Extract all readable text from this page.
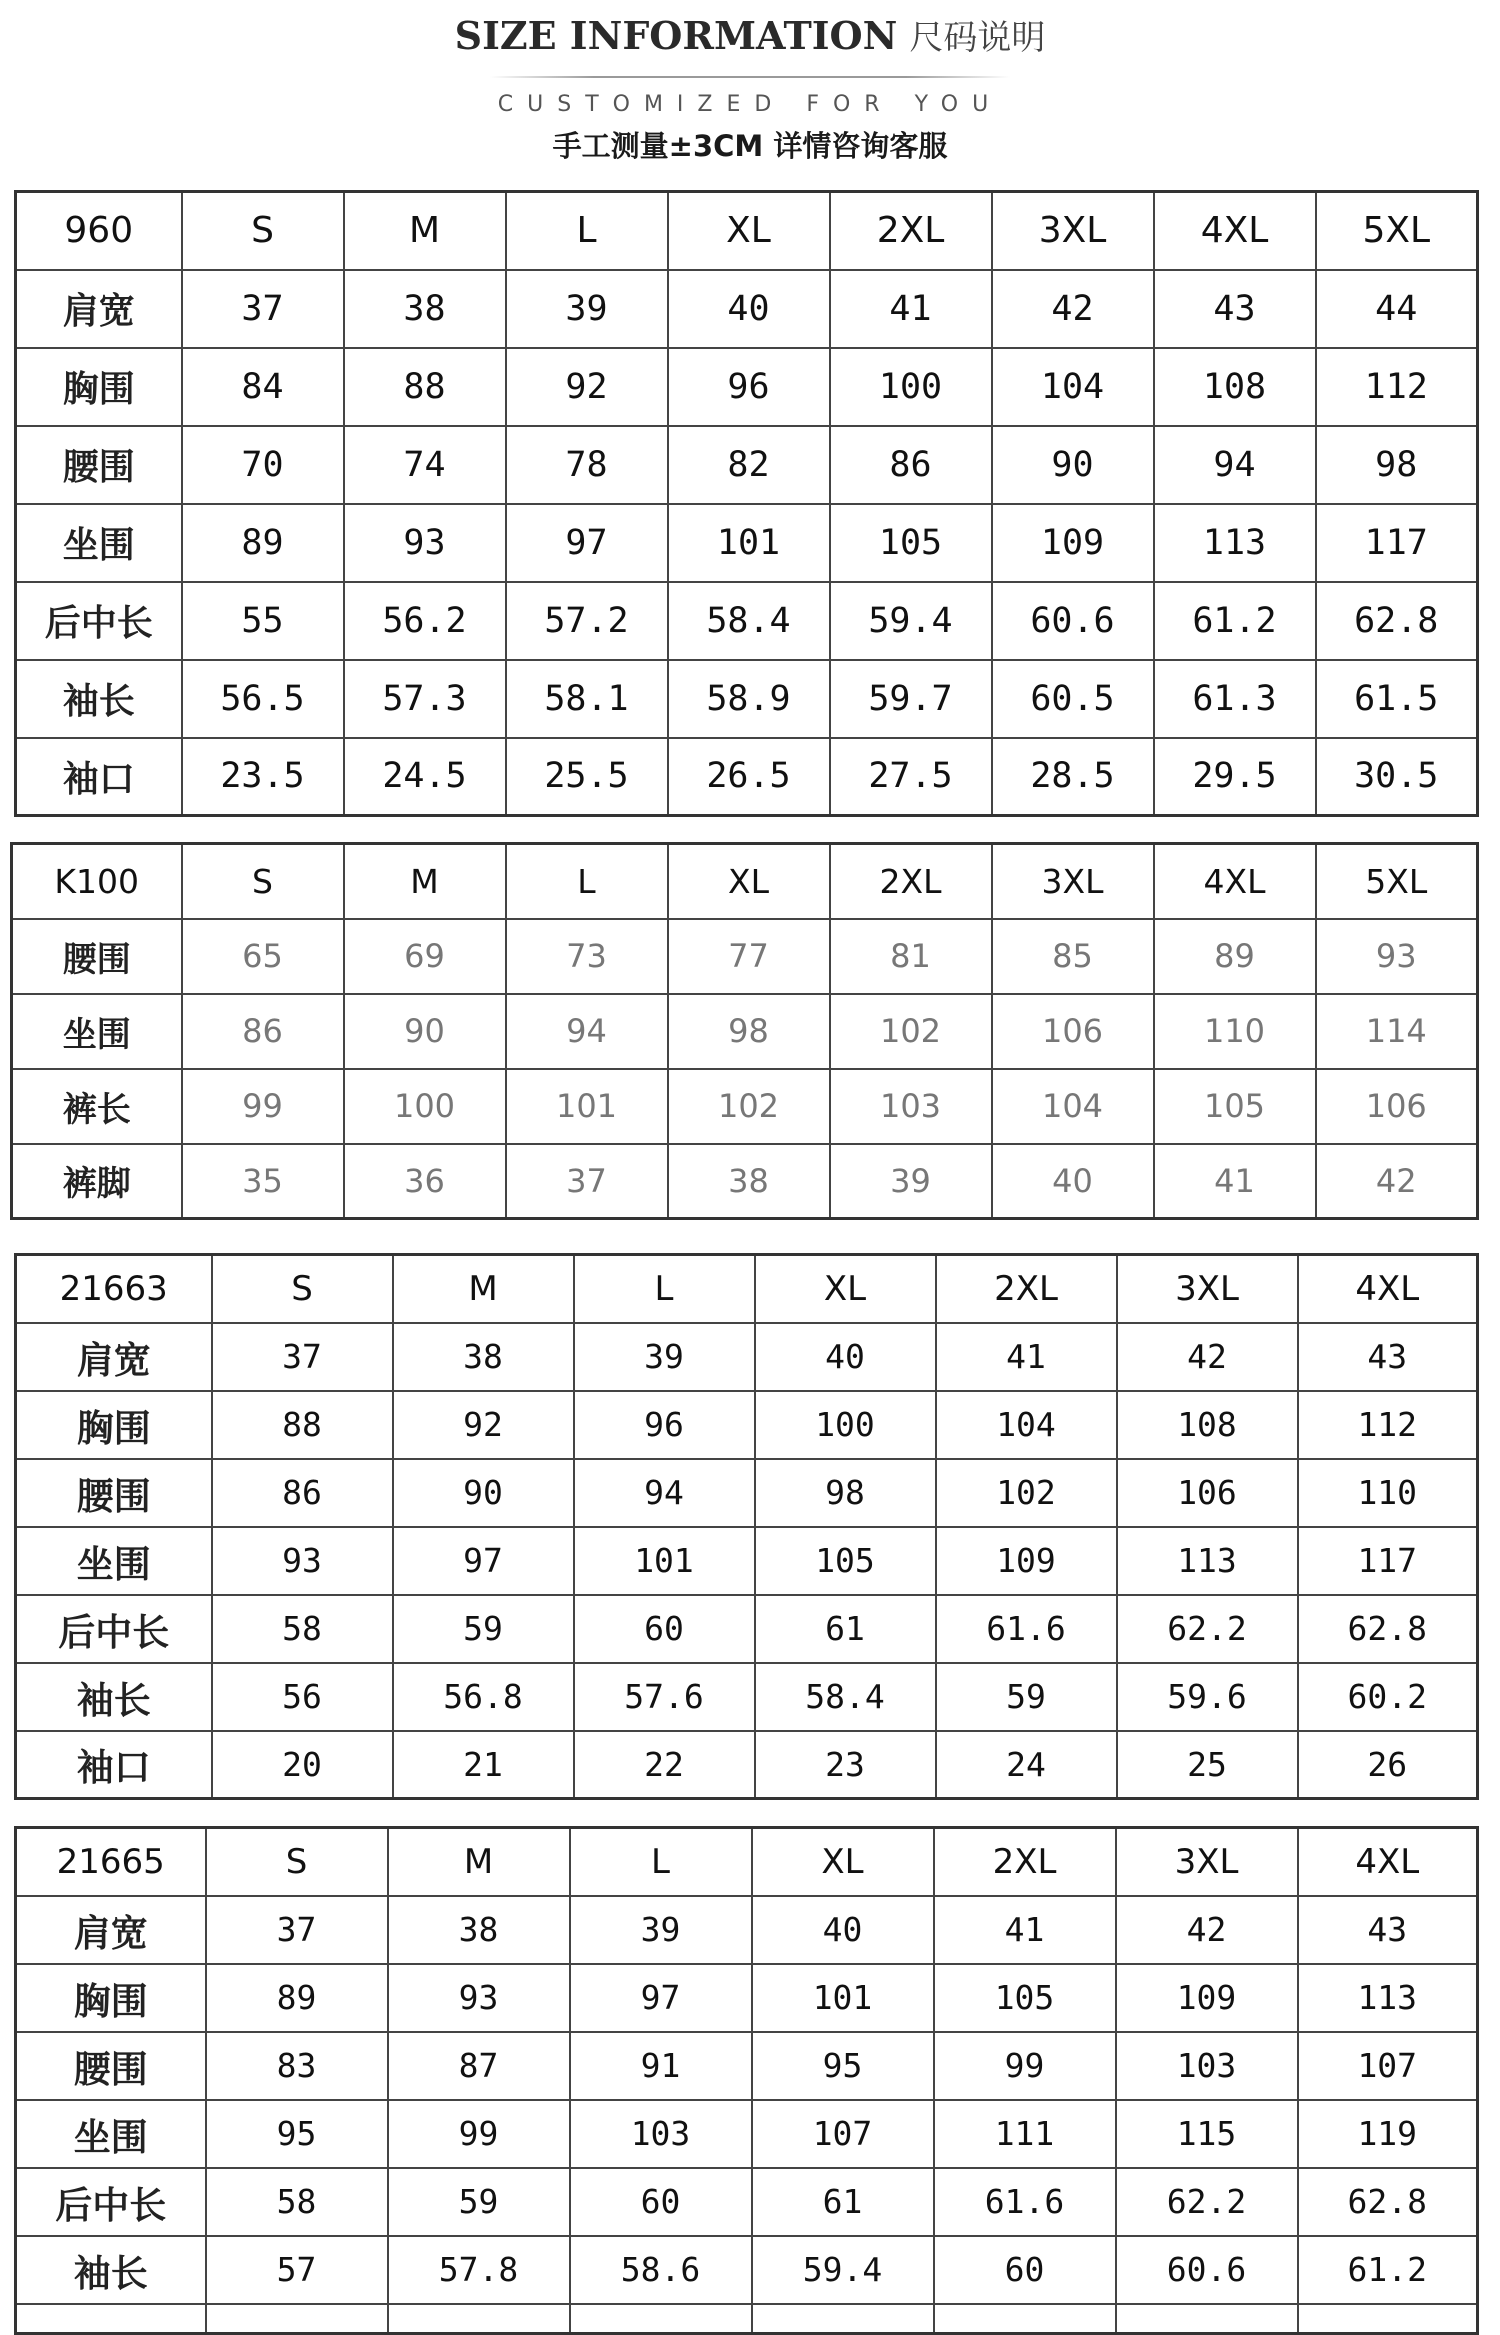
SIZE INFORMATION 尺码说明
CUSTOMIZED FOR YOU
手工测量±3CM 详情咨询客服
960	S	M	L	XL	2XL	3XL	4XL	5XL
肩宽	37	38	39	40	41	42	43	44
胸围	84	88	92	96	100	104	108	112
腰围	70	74	78	82	86	90	94	98
坐围	89	93	97	101	105	109	113	117
后中长	55	56.2	57.2	58.4	59.4	60.6	61.2	62.8
袖长	56.5	57.3	58.1	58.9	59.7	60.5	61.3	61.5
袖口	23.5	24.5	25.5	26.5	27.5	28.5	29.5	30.5
K100	S	M	L	XL	2XL	3XL	4XL	5XL
腰围	65	69	73	77	81	85	89	93
坐围	86	90	94	98	102	106	110	114
裤长	99	100	101	102	103	104	105	106
裤脚	35	36	37	38	39	40	41	42
21663	S	M	L	XL	2XL	3XL	4XL
肩宽	37	38	39	40	41	42	43
胸围	88	92	96	100	104	108	112
腰围	86	90	94	98	102	106	110
坐围	93	97	101	105	109	113	117
后中长	58	59	60	61	61.6	62.2	62.8
袖长	56	56.8	57.6	58.4	59	59.6	60.2
袖口	20	21	22	23	24	25	26
21665	S	M	L	XL	2XL	3XL	4XL
肩宽	37	38	39	40	41	42	43
胸围	89	93	97	101	105	109	113
腰围	83	87	91	95	99	103	107
坐围	95	99	103	107	111	115	119
后中长	58	59	60	61	61.6	62.2	62.8
袖长	57	57.8	58.6	59.4	60	60.6	61.2
